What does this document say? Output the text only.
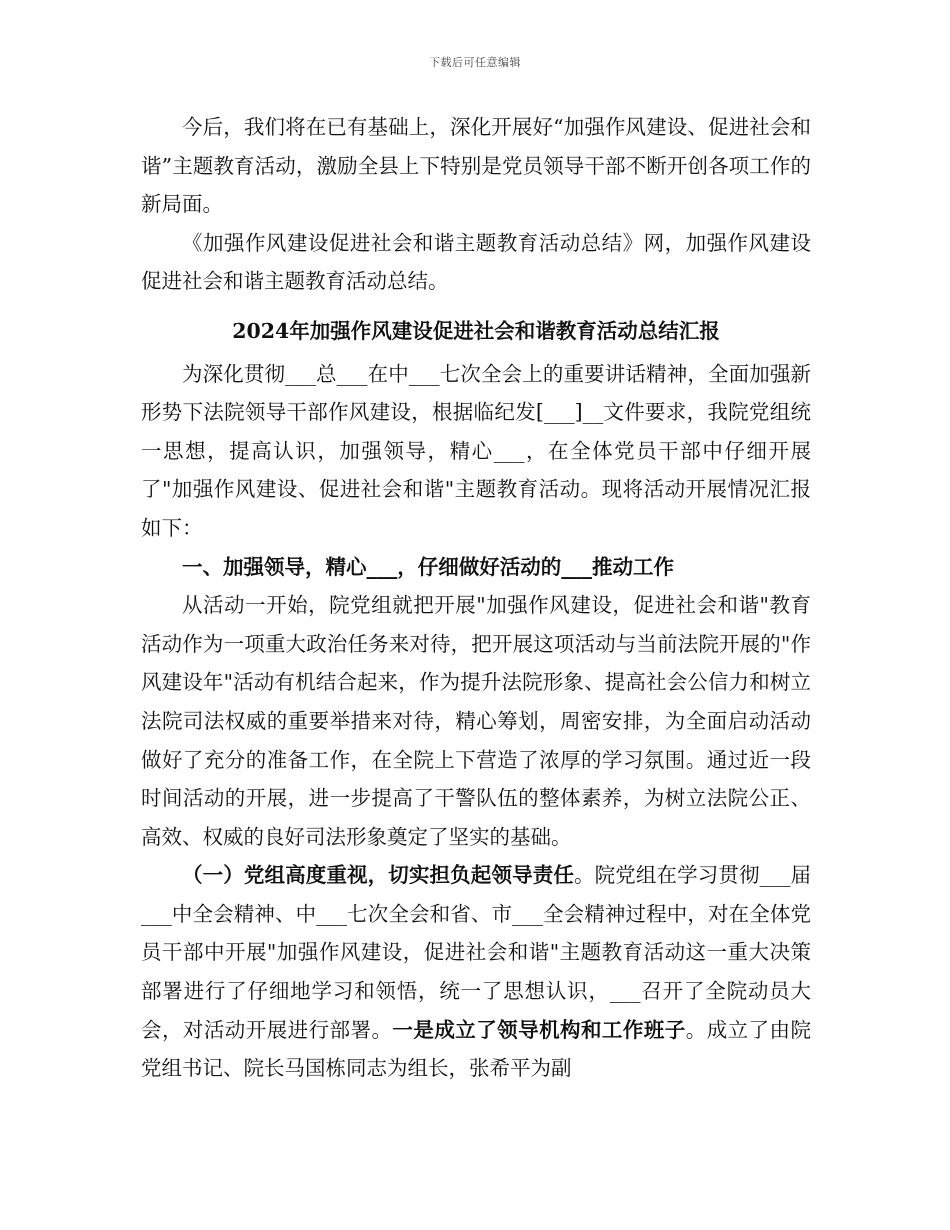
下载后可任意编辑

今后，我们将在已有基础上，深化开展好“加强作风建设、促进社会和谐”主题教育活动，激励全县上下特别是党员领导干部不断开创各项工作的新局面。

《加强作风建设促进社会和谐主题教育活动总结》网，加强作风建设促进社会和谐主题教育活动总结。

2024年加强作风建设促进社会和谐教育活动总结汇报

为深化贯彻___总___在中___七次全会上的重要讲话精神，全面加强新形势下法院领导干部作风建设，根据临纪发[___]__文件要求，我院党组统一思想，提高认识，加强领导，精心___，在全体党员干部中仔细开展了"加强作风建设、促进社会和谐"主题教育活动。现将活动开展情况汇报如下：

一、加强领导，精心___，仔细做好活动的___推动工作

从活动一开始，院党组就把开展"加强作风建设，促进社会和谐"教育活动作为一项重大政治任务来对待，把开展这项活动与当前法院开展的"作风建设年"活动有机结合起来，作为提升法院形象、提高社会公信力和树立法院司法权威的重要举措来对待，精心筹划，周密安排，为全面启动活动做好了充分的准备工作，在全院上下营造了浓厚的学习氛围。通过近一段时间活动的开展，进一步提高了干警队伍的整体素养，为树立法院公正、高效、权威的良好司法形象奠定了坚实的基础。

（一）党组高度重视，切实担负起领导责任。院党组在学习贯彻___届___中全会精神、中___七次全会和省、市___全会精神过程中，对在全体党员干部中开展"加强作风建设，促进社会和谐"主题教育活动这一重大决策部署进行了仔细地学习和领悟，统一了思想认识，___召开了全院动员大会，对活动开展进行部署。一是成立了领导机构和工作班子。成立了由院党组书记、院长马国栋同志为组长，张希平为副
